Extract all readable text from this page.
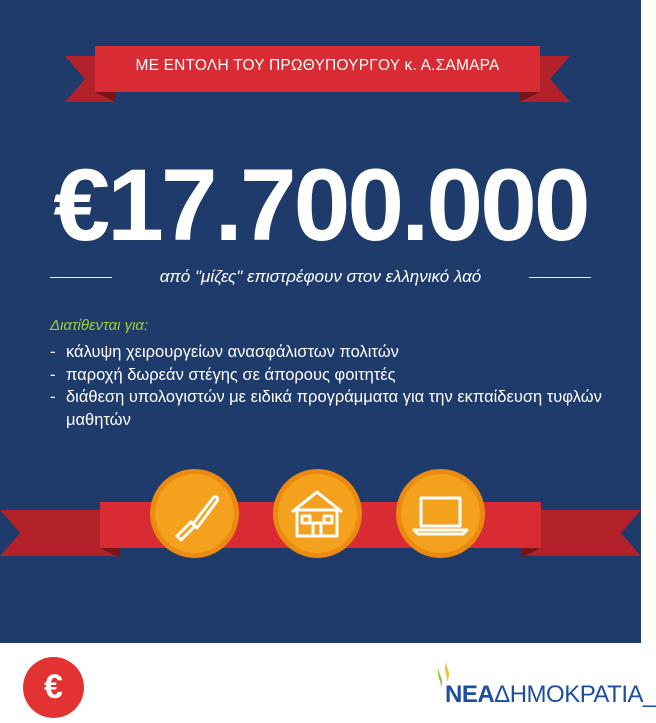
ΜΕ ΕΝΤΟΛΗ ΤΟΥ ΠΡΩΘΥΠΟΥΡΓΟΥ κ. Α.ΣΑΜΑΡΑ
€17.700.000
από "μίζες" επιστρέφουν στον ελληνικό λαό
Διατίθενται για:
- κάλυψη χειρουργείων ανασφάλιστων πολιτών
- παροχή δωρεάν στέγης σε άπορους φοιτητές
- διάθεση υπολογιστών με ειδικά προγράμματα για την εκπαίδευση τυφλών μαθητών
€	ΝΕΑΔΗΜΟΚΡΑΤΙΑ_
